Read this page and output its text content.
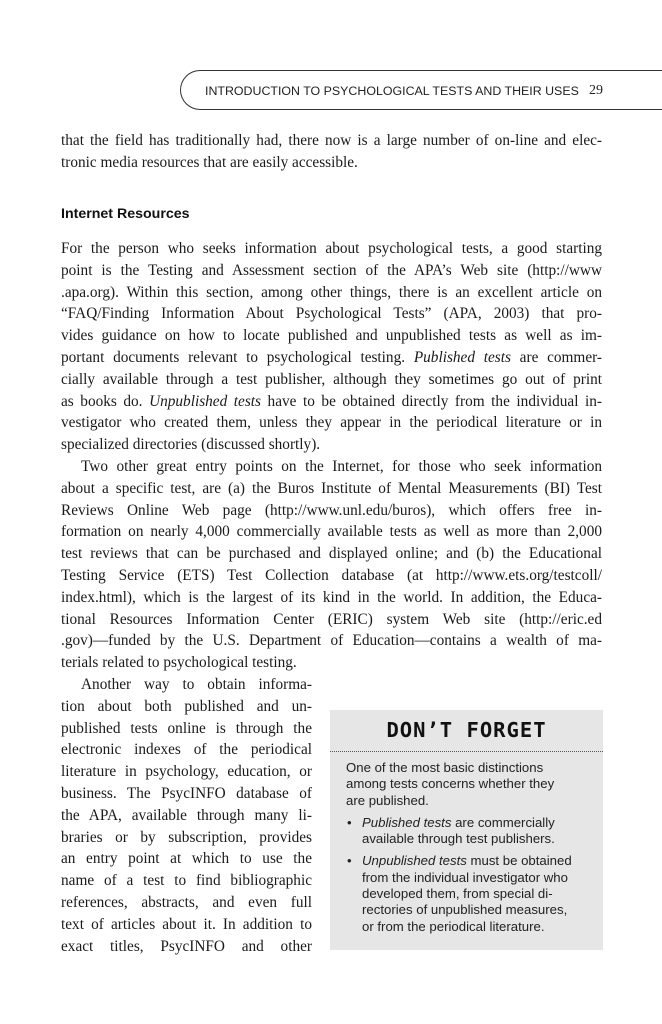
INTRODUCTION TO PSYCHOLOGICAL TESTS AND THEIR USES 29
that the field has traditionally had, there now is a large number of on-line and elec-
tronic media resources that are easily accessible.
Internet Resources
For the person who seeks information about psychological tests, a good starting
point is the Testing and Assessment section of the APA’s Web site (http://www
.apa.org). Within this section, among other things, there is an excellent article on
“FAQ/Finding Information About Psychological Tests” (APA, 2003) that pro-
vides guidance on how to locate published and unpublished tests as well as im-
portant documents relevant to psychological testing. Published tests are commer-
cially available through a test publisher, although they sometimes go out of print
as books do. Unpublished tests have to be obtained directly from the individual in-
vestigator who created them, unless they appear in the periodical literature or in
specialized directories (discussed shortly).
Two other great entry points on the Internet, for those who seek information
about a specific test, are (a) the Buros Institute of Mental Measurements (BI) Test
Reviews Online Web page (http://www.unl.edu/buros), which offers free in-
formation on nearly 4,000 commercially available tests as well as more than 2,000
test reviews that can be purchased and displayed online; and (b) the Educational
Testing Service (ETS) Test Collection database (at http://www.ets.org/testcoll/
index.html), which is the largest of its kind in the world. In addition, the Educa-
tional Resources Information Center (ERIC) system Web site (http://eric.ed
.gov)—funded by the U.S. Department of Education—contains a wealth of ma-
terials related to psychological testing.
Another way to obtain informa-
tion about both published and un-
published tests online is through the
electronic indexes of the periodical
literature in psychology, education, or
business. The PsycINFO database of
the APA, available through many li-
braries or by subscription, provides
an entry point at which to use the
name of a test to find bibliographic
references, abstracts, and even full
text of articles about it. In addition to
exact titles, PsycINFO and other
DON’T FORGET
One of the most basic distinctions
among tests concerns whether they
are published.
• Published tests are commercially
available through test publishers.
• Unpublished tests must be obtained
from the individual investigator who
developed them, from special di-
rectories of unpublished measures,
or from the periodical literature.
